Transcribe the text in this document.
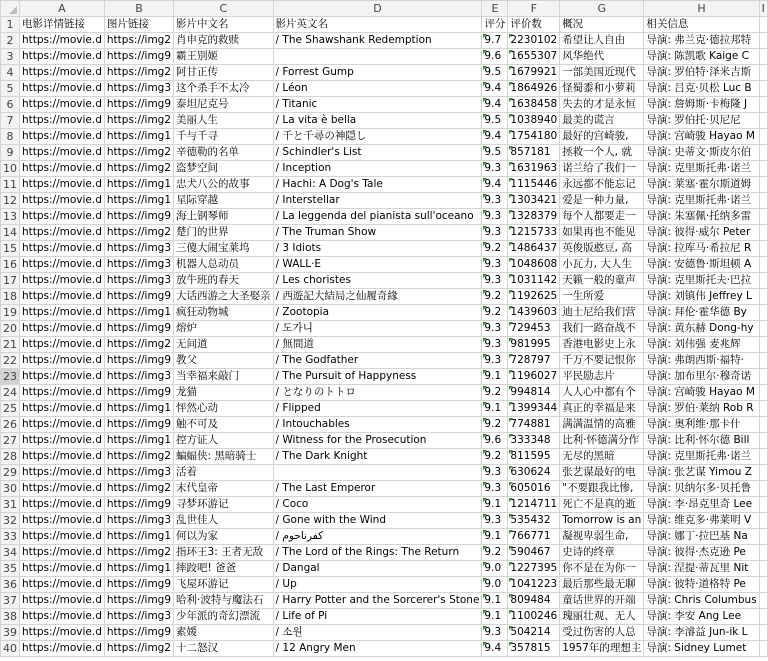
	A	B	C	D	E	F	G	H	I
1	电影详情链接	图片链接	影片中文名	影片英文名	评分	评价数	概况	相关信息	
2	https://movie.d	https://img2	肖申克的救赎	/ The Shawshank Redemption	9.7	2230102	希望让人自由	导演: 弗兰克·德拉邦特	
3	https://movie.d	https://img9	霸王别姬		9.6	1655307	风华绝代	导演: 陈凯歌 Kaige C	
4	https://movie.d	https://img2	阿甘正传	/ Forrest Gump	9.5	1679921	一部美国近现代	导演: 罗伯特·泽米吉斯	
5	https://movie.d	https://img3	这个杀手不太冷	/ Léon	9.4	1864926	怪蜀黍和小萝莉	导演: 吕克·贝松 Luc B	
6	https://movie.d	https://img9	泰坦尼克号	/ Titanic	9.4	1638458	失去的才是永恒	导演: 詹姆斯·卡梅隆 J	
7	https://movie.d	https://img2	美丽人生	/ La vita è bella	9.5	1038940	最美的谎言	导演: 罗伯托·贝尼尼	
8	https://movie.d	https://img1	千与千寻	/ 千と千尋の神隠し	9.4	1754180	最好的宫崎骏,	导演: 宫崎骏 Hayao M	
9	https://movie.d	https://img2	辛德勒的名单	/ Schindler's List	9.5	857181	拯救一个人, 就	导演: 史蒂文·斯皮尔伯	
10	https://movie.d	https://img2	盗梦空间	/ Inception	9.3	1631963	诺兰给了我们一	导演: 克里斯托弗·诺兰	
11	https://movie.d	https://img1	忠犬八公的故事	/ Hachi: A Dog's Tale	9.4	1115446	永远都不能忘记	导演: 莱塞·霍尔斯道姆	
12	https://movie.d	https://img1	星际穿越	/ Interstellar	9.3	1303421	爱是一种力量,	导演: 克里斯托弗·诺兰	
13	https://movie.d	https://img9	海上钢琴师	/ La leggenda del pianista sull'oceano	9.3	1328379	每个人都要走一	导演: 朱塞佩·托纳多雷	
14	https://movie.d	https://img2	楚门的世界	/ The Truman Show	9.3	1215733	如果再也不能见	导演: 彼得·威尔 Peter	
15	https://movie.d	https://img3	三傻大闹宝莱坞	/ 3 Idiots	9.2	1486437	英俊版憨豆, 高	导演: 拉库马·希拉尼 R	
16	https://movie.d	https://img3	机器人总动员	/ WALL·E	9.3	1048608	小瓦力, 大人生	导演: 安德鲁·斯坦顿 A	
17	https://movie.d	https://img3	放牛班的春天	/ Les choristes	9.3	1031142	天籁一般的童声	导演: 克里斯托夫·巴拉	
18	https://movie.d	https://img9	大话西游之大圣娶亲	/ 西遊記大結局之仙履奇緣	9.2	1192625	一生所爱	导演: 刘镇伟 Jeffrey L	
19	https://movie.d	https://img1	疯狂动物城	/ Zootopia	9.2	1439603	迪士尼给我们营	导演: 拜伦·霍华德 By	
20	https://movie.d	https://img9	熔炉	/ 도가니	9.3	729453	我们一路奋战不	导演: 黄东赫 Dong-hy	
21	https://movie.d	https://img2	无间道	/ 無間道	9.3	981995	香港电影史上永	导演: 刘伟强 麦兆辉	
22	https://movie.d	https://img9	教父	/ The Godfather	9.3	728797	千万不要记恨你	导演: 弗朗西斯·福特·	
23	https://movie.d	https://img3	当幸福来敲门	/ The Pursuit of Happyness	9.1	1196027	平民励志片	导演: 加布里尔·穆奇诺	
24	https://movie.d	https://img9	龙猫	/ となりのトトロ	9.2	994814	人人心中都有个	导演: 宫崎骏 Hayao M	
25	https://movie.d	https://img1	怦然心动	/ Flipped	9.1	1399344	真正的幸福是来	导演: 罗伯·莱纳 Rob R	
26	https://movie.d	https://img9	触不可及	/ Intouchables	9.2	774881	满满温情的高雅	导演: 奥利维·那卡什	
27	https://movie.d	https://img1	控方证人	/ Witness for the Prosecution	9.6	333348	比利·怀德满分作	导演: 比利·怀尔德 Bill	
28	https://movie.d	https://img2	蝙蝠侠: 黑暗骑士	/ The Dark Knight	9.2	811595	无尽的黑暗	导演: 克里斯托弗·诺兰	
29	https://movie.d	https://img3	活着		9.3	630624	张艺谋最好的电	导演: 张艺谋 Yimou Z	
30	https://movie.d	https://img2	末代皇帝	/ The Last Emperor	9.3	605016	"不要跟我比惨,	导演: 贝纳尔多·贝托鲁	
31	https://movie.d	https://img9	寻梦环游记	/ Coco	9.1	1214711	死亡不是真的逝	导演: 李·昂克里奇 Lee	
32	https://movie.d	https://img3	乱世佳人	/ Gone with the Wind	9.3	535432	Tomorrow is an	导演: 维克多·弗莱明 V	
33	https://movie.d	https://img1	何以为家	/ كفرناحوم	9.1	766771	凝视卑弱生命,	导演: 娜丁·拉巴基 Na	
34	https://movie.d	https://img2	指环王3: 王者无敌	/ The Lord of the Rings: The Return	9.2	590467	史诗的终章	导演: 彼得·杰克逊 Pe	
35	https://movie.d	https://img1	摔跤吧! 爸爸	/ Dangal	9.0	1227395	你不是在为你一	导演: 涅提·蒂瓦里 Nit	
36	https://movie.d	https://img9	飞屋环游记	/ Up	9.0	1041223	最后那些最无聊	导演: 彼特·道格特 Pe	
37	https://movie.d	https://img9	哈利·波特与魔法石	/ Harry Potter and the Sorcerer's Stone	9.1	809484	童话世界的开端	导演: Chris Columbus	
38	https://movie.d	https://img3	少年派的奇幻漂流	/ Life of Pi	9.1	1100246	瑰丽壮观、无人	导演: 李安 Ang Lee	
39	https://movie.d	https://img9	素媛	/ 소원	9.3	504214	受过伤害的人总	导演: 李濬益 Jun-ik L	
40	https://movie.d	https://img2	十二怒汉	/ 12 Angry Men	9.4	357815	1957年的理想主	导演: Sidney Lumet	
